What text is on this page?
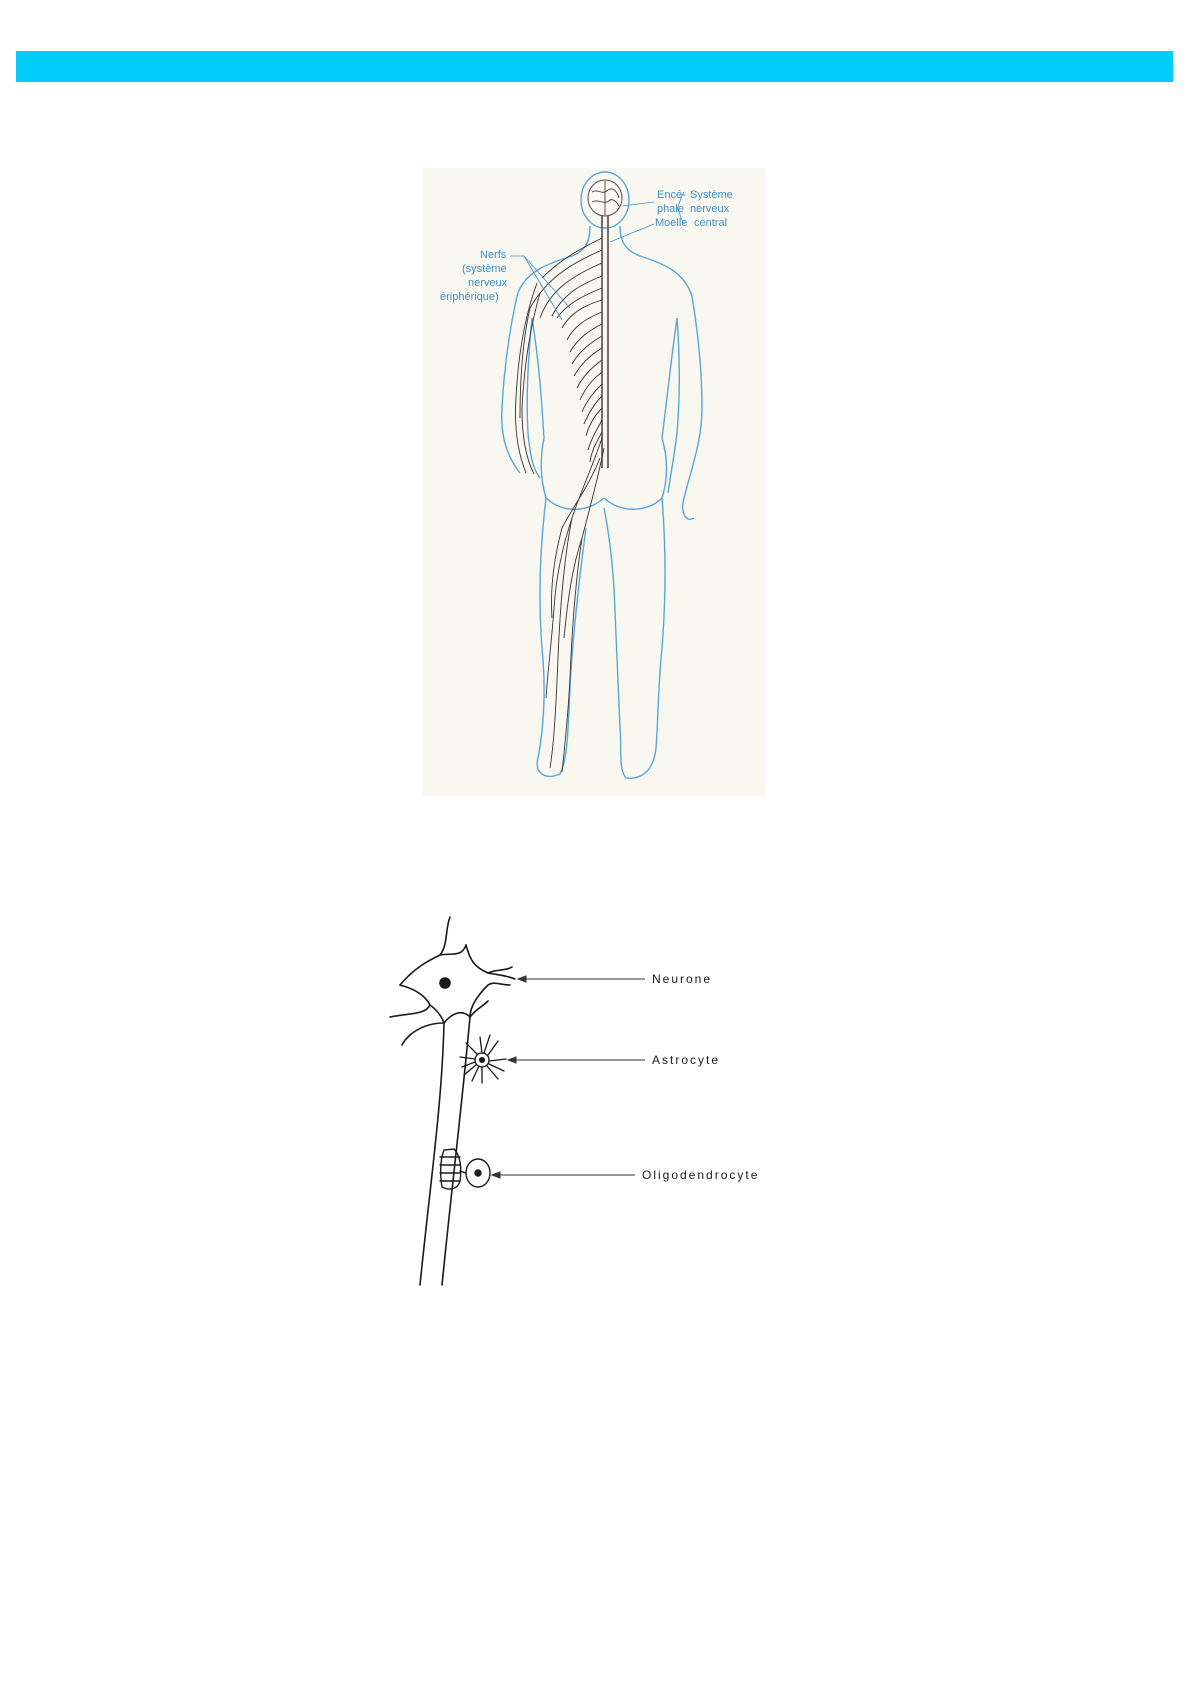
Encé-
phale
Moelle
Système
nerveux
central
Nerfs
(système
nerveux
ériphérique)
Neurone
Astrocyte
Oligodendrocyte
